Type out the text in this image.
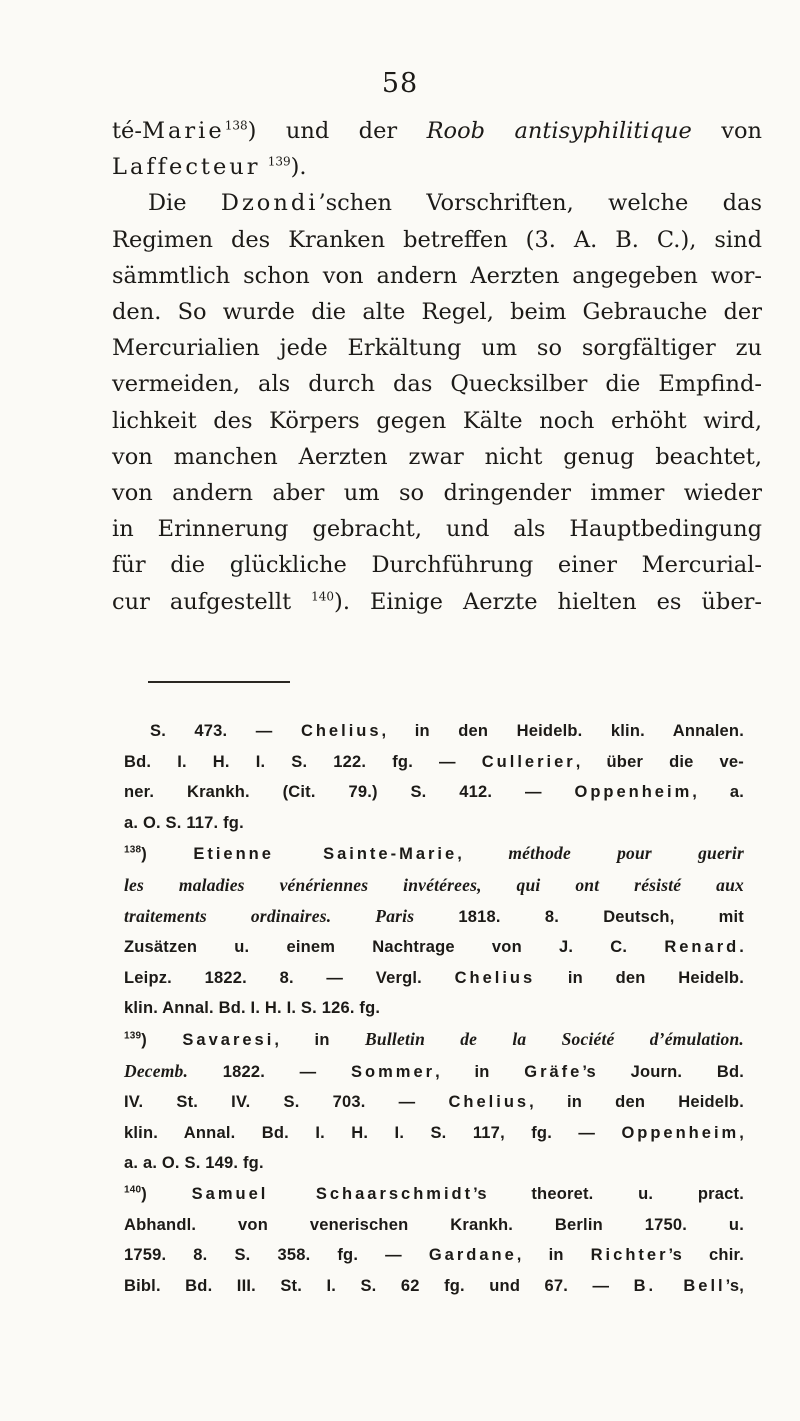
58
té-Marie$^{138}$) und der Roob antisyphilitique von
Laffecteur $^{139}$).
Die Dzondi’schen Vorschriften, welche das
Regimen des Kranken betreffen (3. A. B. C.), sind
sämmtlich schon von andern Aerzten angegeben wor-
den. So wurde die alte Regel, beim Gebrauche der
Mercurialien jede Erkältung um so sorgfältiger zu
vermeiden, als durch das Quecksilber die Empfind-
lichkeit des Körpers gegen Kälte noch erhöht wird,
von manchen Aerzten zwar nicht genug beachtet,
von andern aber um so dringender immer wieder
in Erinnerung gebracht, und als Hauptbedingung
für die glückliche Durchführung einer Mercurial-
cur aufgestellt $^{140}$). Einige Aerzte hielten es über-
S. 473. — Chelius, in den Heidelb. klin. Annalen.
Bd. I. H. I. S. 122. fg. — Cullerier, über die ve-
ner. Krankh. (Cit. 79.) S. 412. — Oppenheim, a.
a. O. S. 117. fg.
$^{138}$) Etienne Sainte-Marie, méthode pour guerir
les maladies vénériennes invétérees, qui ont résisté aux
traitements ordinaires. Paris 1818. 8. Deutsch, mit
Zusätzen u. einem Nachtrage von J. C. Renard.
Leipz. 1822. 8. — Vergl. Chelius in den Heidelb.
klin. Annal. Bd. I. H. I. S. 126. fg.
$^{139}$) Savaresi, in Bulletin de la Société d’émulation.
Decemb. 1822. — Sommer, in Gräfe’s Journ. Bd.
IV. St. IV. S. 703. — Chelius, in den Heidelb.
klin. Annal. Bd. I. H. I. S. 117, fg. — Oppenheim,
a. a. O. S. 149. fg.
$^{140}$) Samuel Schaarschmidt’s theoret. u. pract.
Abhandl. von venerischen Krankh. Berlin 1750. u.
1759. 8. S. 358. fg. — Gardane, in Richter’s chir.
Bibl. Bd. III. St. I. S. 62 fg. und 67. — B. Bell’s,
